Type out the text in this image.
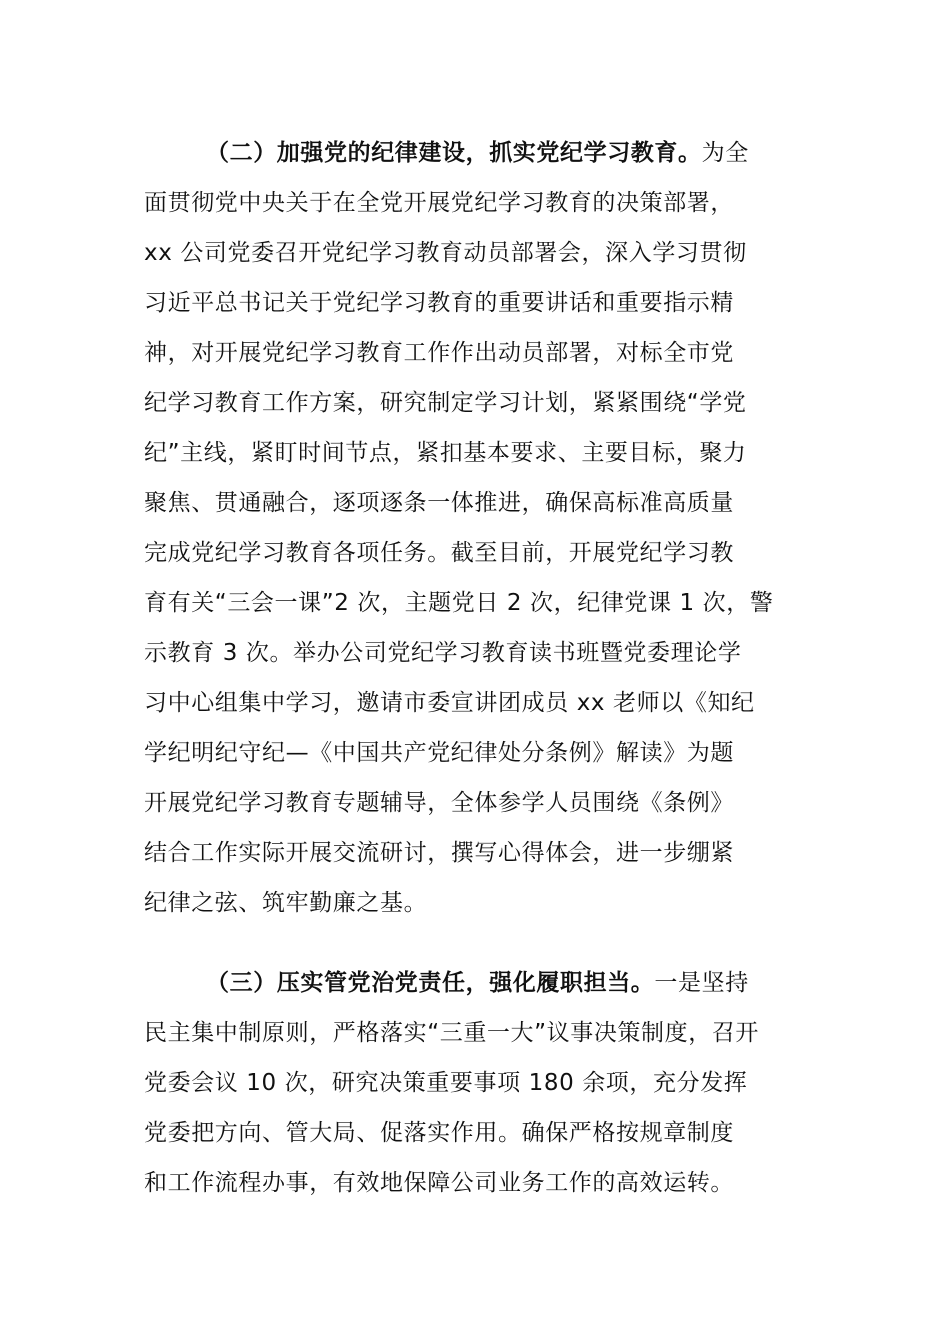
（二）加强党的纪律建设，抓实党纪学习教育。为全
面贯彻党中央关于在全党开展党纪学习教育的决策部署，
xx 公司党委召开党纪学习教育动员部署会，深入学习贯彻
习近平总书记关于党纪学习教育的重要讲话和重要指示精
神，对开展党纪学习教育工作作出动员部署，对标全市党
纪学习教育工作方案，研究制定学习计划，紧紧围绕“学党
纪”主线，紧盯时间节点，紧扣基本要求、主要目标，聚力
聚焦、贯通融合，逐项逐条一体推进，确保高标准高质量
完成党纪学习教育各项任务。截至目前，开展党纪学习教
育有关“三会一课”2 次，主题党日 2 次，纪律党课 1 次，警
示教育 3 次。举办公司党纪学习教育读书班暨党委理论学
习中心组集中学习，邀请市委宣讲团成员 xx 老师以《知纪
学纪明纪守纪—《中国共产党纪律处分条例》解读》为题
开展党纪学习教育专题辅导，全体参学人员围绕《条例》
结合工作实际开展交流研讨，撰写心得体会，进一步绷紧
纪律之弦、筑牢勤廉之基。
（三）压实管党治党责任，强化履职担当。一是坚持
民主集中制原则，严格落实“三重一大”议事决策制度，召开
党委会议 10 次，研究决策重要事项 180 余项，充分发挥
党委把方向、管大局、促落实作用。确保严格按规章制度
和工作流程办事，有效地保障公司业务工作的高效运转。
